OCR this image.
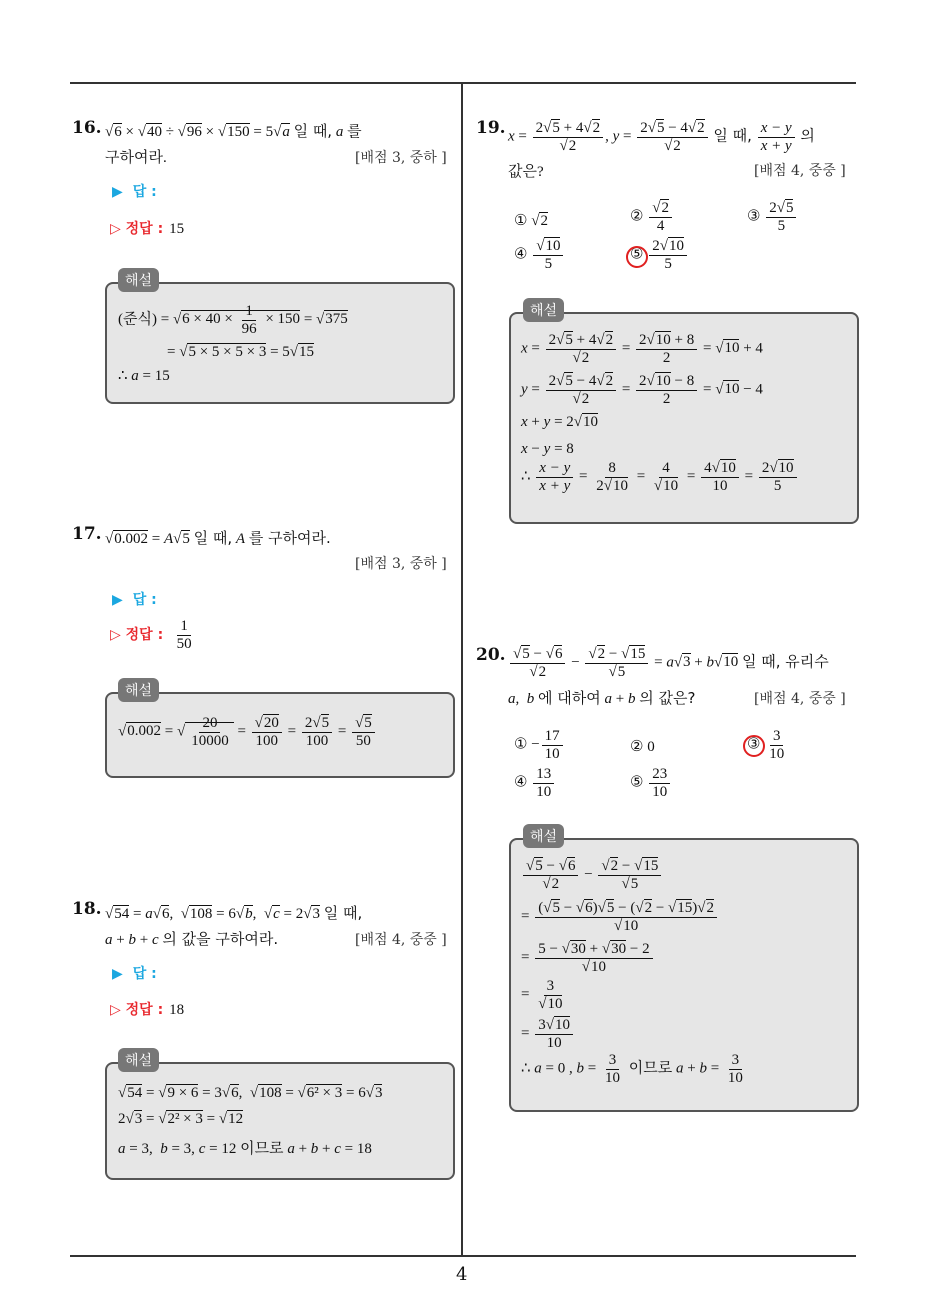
4
16. √6 × √40 ÷ √96 × √150 = 5√a 일 때, a 를
구하여라.	[배점 3, 중하 ]
▶ 답 :
▷ 정답 : 15
해설
(준식) = $√6 \times 40 \times \frac{1}{96} \times 150 = √375$
= √5 × 5 × 5 × 3 = 5√15
∴ a = 15
17. √0.002 = A√5 일 때, A 를 구하여라.
[배점 3, 중하 ]
▶ 답 :
▷ 정답 : $\frac{1}{50}$
해설
√0.002 = √ $\frac{20}{10000} = \frac{√20}{100} = \frac{2√5}{100} = \frac{√5}{50}$
18. √54 = a√6,  √108 = 6√b,  √c = 2√3 일 때,
a + b + c 의 값을 구하여라.	[배점 4, 중중 ]
▶ 답 :
▷ 정답 : 18
해설
√54 = √9 × 6 = 3√6,  √108 = √6² × 3 = 6√3
2√3 = √2² × 3 = √12
a = 3,  b = 3, c = 12 이므로 a + b + c = 18
19. $x = \frac{2√5 + 4√2}{√2}$ , $y = \frac{2√5 - 4√2}{√2}$ 일 때, $\frac{x - y}{x + y}$ 의
값은?	[배점 4, 중중 ]
① √2	② $\frac{√2}{4}$	③ $\frac{2√5}{5}$
④ $\frac{√10}{5}$	⑤ $\frac{2√10}{5}$
해설
$x = \frac{2√5 + 4√2}{√2} = \frac{2√10 + 8}{2} = √10 + 4$
$y = \frac{2√5 - 4√2}{√2} = \frac{2√10 - 8}{2} = √10 - 4$
x + y = 2√10
x − y = 8
∴ $\frac{x - y}{x + y} = \frac{8}{2√10} = \frac{4}{√10} = \frac{4√10}{10} = \frac{2√10}{5}$
20. $\frac{√5 - √6}{√2} - \frac{√2 - √15}{√5} = a√3 + b√10$ 일 때, 유리수
a,  b 에 대하여 a + b 의 값은?	[배점 4, 중중 ]
① − $\frac{17}{10}$	② 0	③ $\frac{3}{10}$
④ $\frac{13}{10}$	⑤ $\frac{23}{10}$
해설
$\frac{√5 - √6}{√2} - \frac{√2 - √15}{√5}$
= $\frac{(√5 - √6)√5 - (√2 - √15)√2}{√10}$
= $\frac{5 - √30 + √30 - 2}{√10}$
= $\frac{3}{√10}$
= $\frac{3√10}{10}$
∴ a = 0 , $b = \frac{3}{10}$ 이므로 $a + b = \frac{3}{10}$
